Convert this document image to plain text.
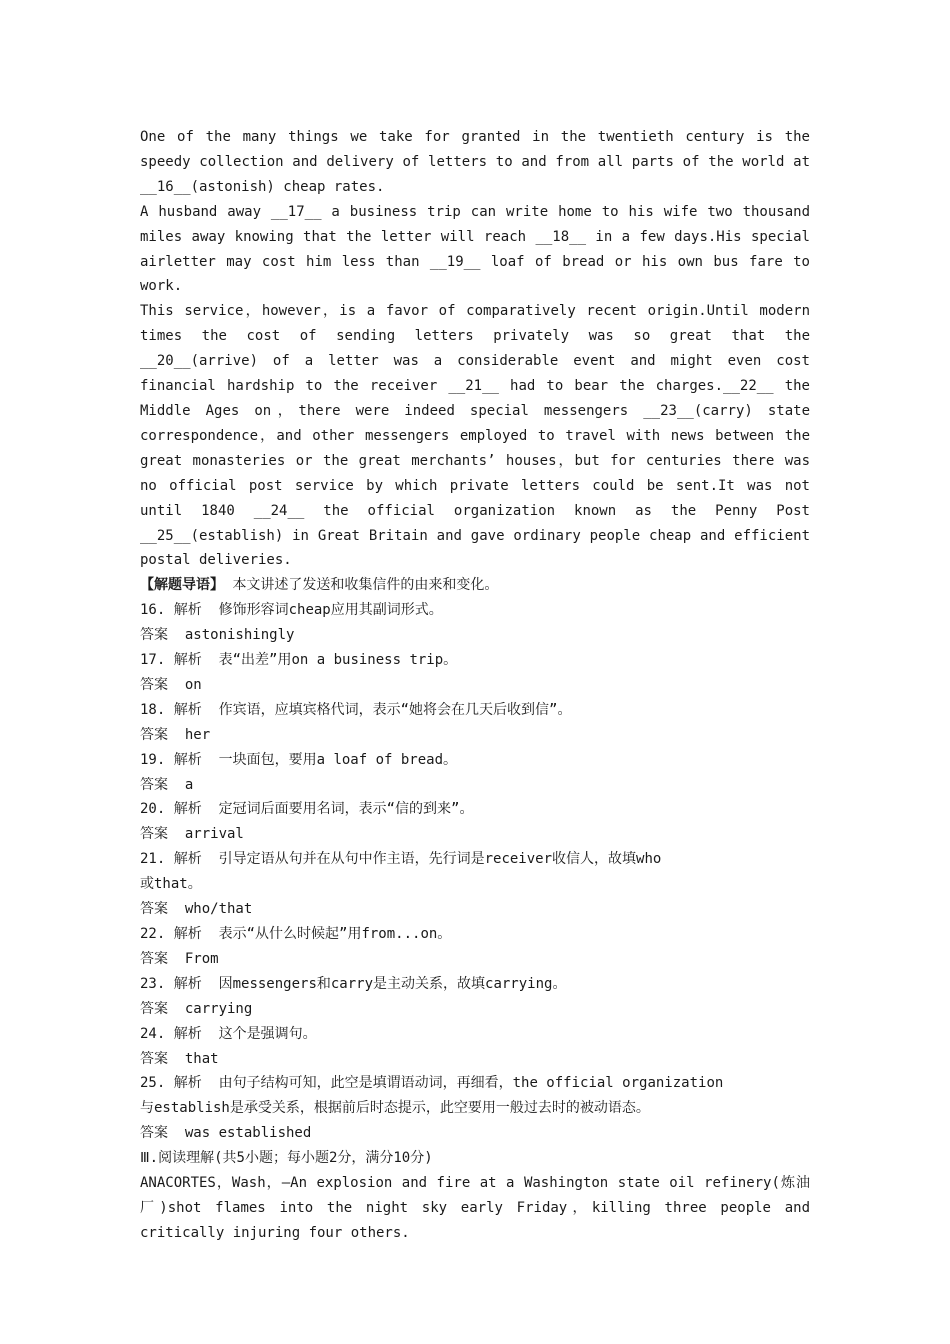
One of the many things we take for granted in the twentieth century is the speedy collection and delivery of letters to and from all parts of the world at __16__(astonish) cheap rates.

A husband away __17__ a business trip can write home to his wife two thousand miles away knowing that the letter will reach __18__ in a few days.His special airletter may cost him less than __19__ loaf of bread or his own bus fare to work.

This service，however，is a favor of comparatively recent origin.Until modern times the cost of sending letters privately was so great that the __20__(arrive) of a letter was a considerable event and might even cost financial hardship to the receiver __21__ had to bear the charges.__22__ the Middle Ages on，there were indeed special messengers __23__(carry) state correspondence，and other messengers employed to travel with news between the great monasteries or the great merchants’ houses，but for centuries there was no official post service by which private letters could be sent.It was not until 1840 __24__ the official organization known as the Penny Post __25__(establish) in Great Britain and gave ordinary people cheap and efficient postal deliveries.

【解题导语】 本文讲述了发送和收集信件的由来和变化。

16. 解析 修饰形容词cheap应用其副词形式。

答案 astonishingly

17. 解析 表“出差”用on a business trip。

答案 on

18. 解析 作宾语，应填宾格代词，表示“她将会在几天后收到信”。

答案 her

19. 解析 一块面包，要用a loaf of bread。

答案 a

20. 解析 定冠词后面要用名词，表示“信的到来”。

答案 arrival

21. 解析 引导定语从句并在从句中作主语，先行词是receiver收信人，故填who

或that。

答案 who/that

22. 解析 表示“从什么时候起”用from...on。

答案 From

23. 解析 因messengers和carry是主动关系，故填carrying。

答案 carrying

24. 解析 这个是强调句。

答案 that

25. 解析 由句子结构可知，此空是填谓语动词，再细看，the official organization

与establish是承受关系，根据前后时态提示，此空要用一般过去时的被动语态。

答案 was established

Ⅲ.阅读理解(共5小题；每小题2分，满分10分)

ANACORTES，Wash，—An explosion and fire at a Washington state oil refinery(炼油厂)shot flames into the night sky early Friday，killing three people and critically injuring four others.
